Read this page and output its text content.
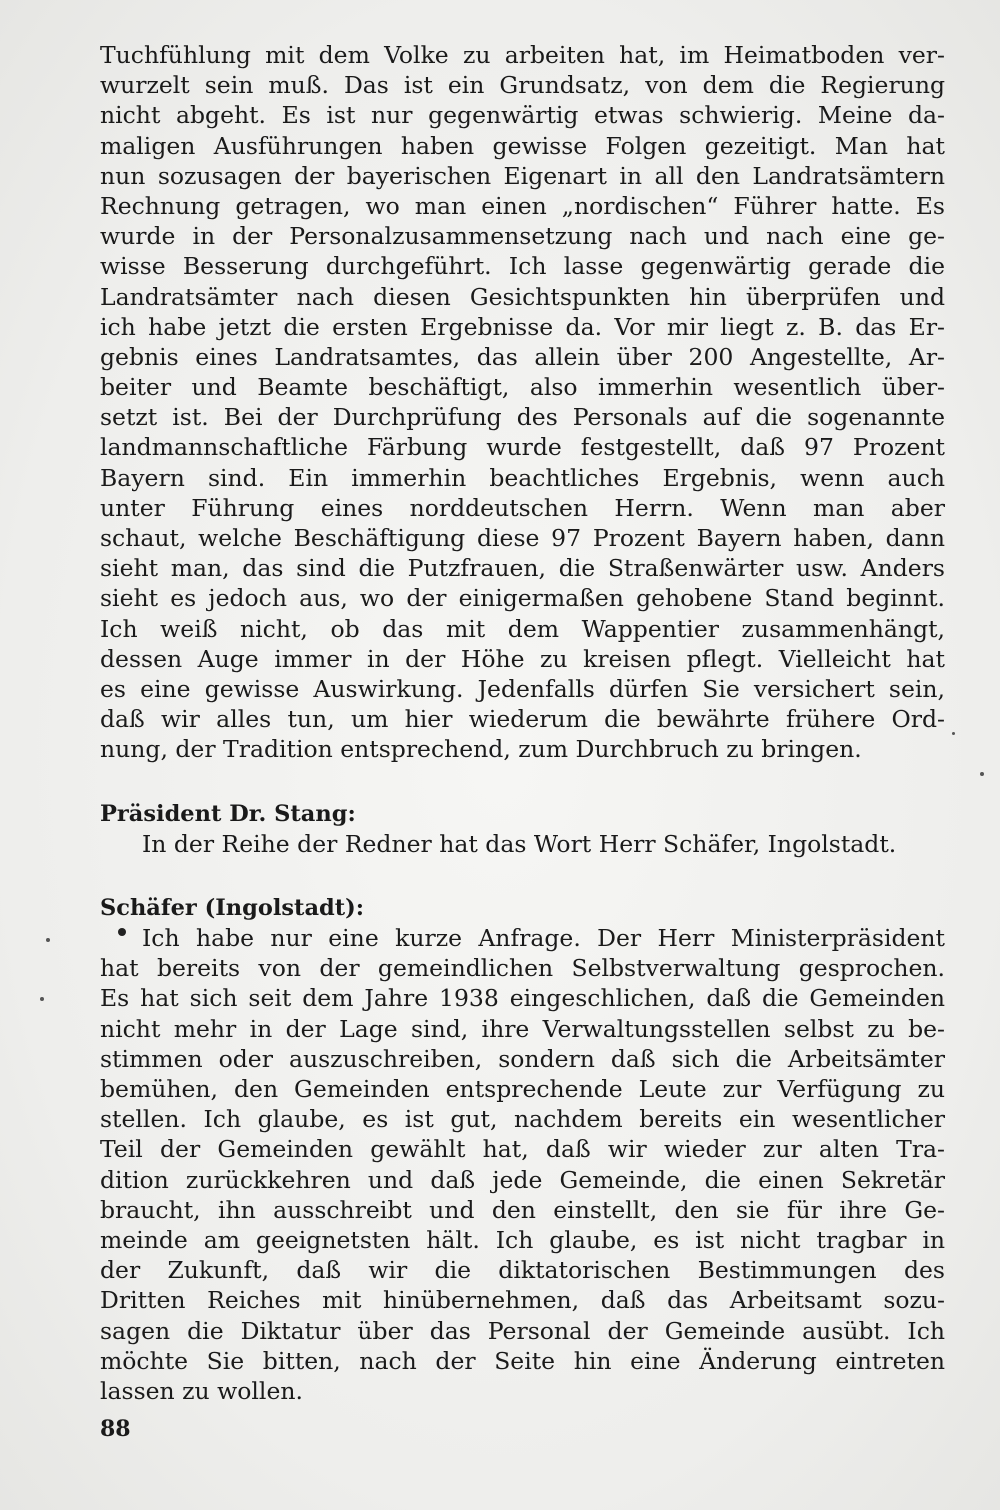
Tuchfühlung mit dem Volke zu arbeiten hat, im Heimatboden ver-
wurzelt sein muß. Das ist ein Grundsatz, von dem die Regierung
nicht abgeht. Es ist nur gegenwärtig etwas schwierig. Meine da-
maligen Ausführungen haben gewisse Folgen gezeitigt. Man hat
nun sozusagen der bayerischen Eigenart in all den Landratsämtern
Rechnung getragen, wo man einen „nordischen“ Führer hatte. Es
wurde in der Personalzusammensetzung nach und nach eine ge-
wisse Besserung durchgeführt. Ich lasse gegenwärtig gerade die
Landratsämter nach diesen Gesichtspunkten hin überprüfen und
ich habe jetzt die ersten Ergebnisse da. Vor mir liegt z. B. das Er-
gebnis eines Landratsamtes, das allein über 200 Angestellte, Ar-
beiter und Beamte beschäftigt, also immerhin wesentlich über-
setzt ist. Bei der Durchprüfung des Personals auf die sogenannte
landmannschaftliche Färbung wurde festgestellt, daß 97 Prozent
Bayern sind. Ein immerhin beachtliches Ergebnis, wenn auch
unter Führung eines norddeutschen Herrn. Wenn man aber
schaut, welche Beschäftigung diese 97 Prozent Bayern haben, dann
sieht man, das sind die Putzfrauen, die Straßenwärter usw. Anders
sieht es jedoch aus, wo der einigermaßen gehobene Stand beginnt.
Ich weiß nicht, ob das mit dem Wappentier zusammenhängt,
dessen Auge immer in der Höhe zu kreisen pflegt. Vielleicht hat
es eine gewisse Auswirkung. Jedenfalls dürfen Sie versichert sein,
daß wir alles tun, um hier wiederum die bewährte frühere Ord-
nung, der Tradition entsprechend, zum Durchbruch zu bringen.
Präsident Dr. Stang:
In der Reihe der Redner hat das Wort Herr Schäfer, Ingolstadt.
Schäfer (Ingolstadt):
Ich habe nur eine kurze Anfrage. Der Herr Ministerpräsident
hat bereits von der gemeindlichen Selbstverwaltung gesprochen.
Es hat sich seit dem Jahre 1938 eingeschlichen, daß die Gemeinden
nicht mehr in der Lage sind, ihre Verwaltungsstellen selbst zu be-
stimmen oder auszuschreiben, sondern daß sich die Arbeitsämter
bemühen, den Gemeinden entsprechende Leute zur Verfügung zu
stellen. Ich glaube, es ist gut, nachdem bereits ein wesentlicher
Teil der Gemeinden gewählt hat, daß wir wieder zur alten Tra-
dition zurückkehren und daß jede Gemeinde, die einen Sekretär
braucht, ihn ausschreibt und den einstellt, den sie für ihre Ge-
meinde am geeignetsten hält. Ich glaube, es ist nicht tragbar in
der Zukunft, daß wir die diktatorischen Bestimmungen des
Dritten Reiches mit hinübernehmen, daß das Arbeitsamt sozu-
sagen die Diktatur über das Personal der Gemeinde ausübt. Ich
möchte Sie bitten, nach der Seite hin eine Änderung eintreten
lassen zu wollen.
88
